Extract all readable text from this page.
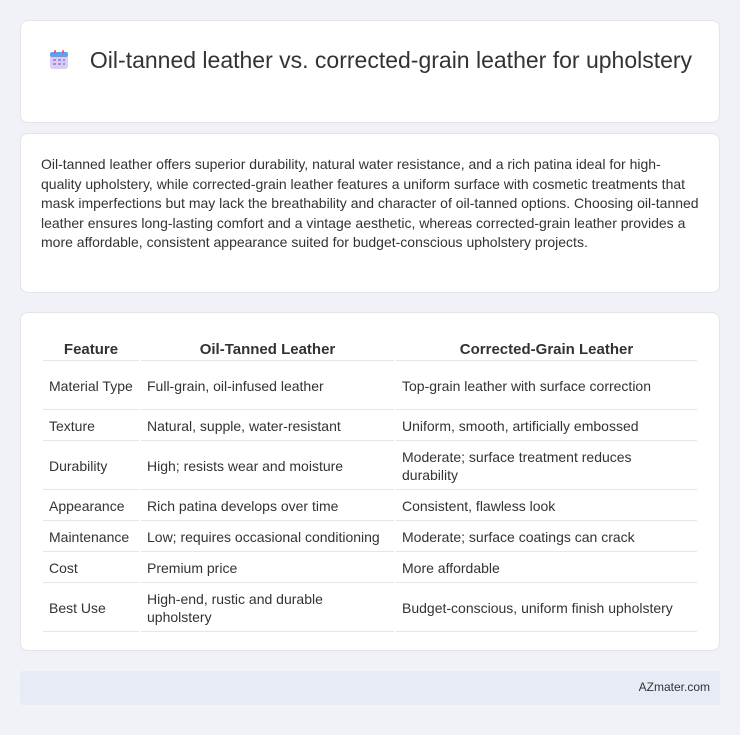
Oil-tanned leather vs. corrected-grain leather for upholstery

Oil-tanned leather offers superior durability, natural water resistance, and a rich patina ideal for high-quality upholstery, while corrected-grain leather features a uniform surface with cosmetic treatments that mask imperfections but may lack the breathability and character of oil-tanned options. Choosing oil-tanned leather ensures long-lasting comfort and a vintage aesthetic, whereas corrected-grain leather provides a more affordable, consistent appearance suited for budget-conscious upholstery projects.

Feature	Oil-Tanned Leather	Corrected-Grain Leather
Material Type	Full-grain, oil-infused leather	Top-grain leather with surface correction
Texture	Natural, supple, water-resistant	Uniform, smooth, artificially embossed
Durability	High; resists wear and moisture	Moderate; surface treatment reduces durability
Appearance	Rich patina develops over time	Consistent, flawless look
Maintenance	Low; requires occasional conditioning	Moderate; surface coatings can crack
Cost	Premium price	More affordable
Best Use	High-end, rustic and durable upholstery	Budget-conscious, uniform finish upholstery
AZmater.com
